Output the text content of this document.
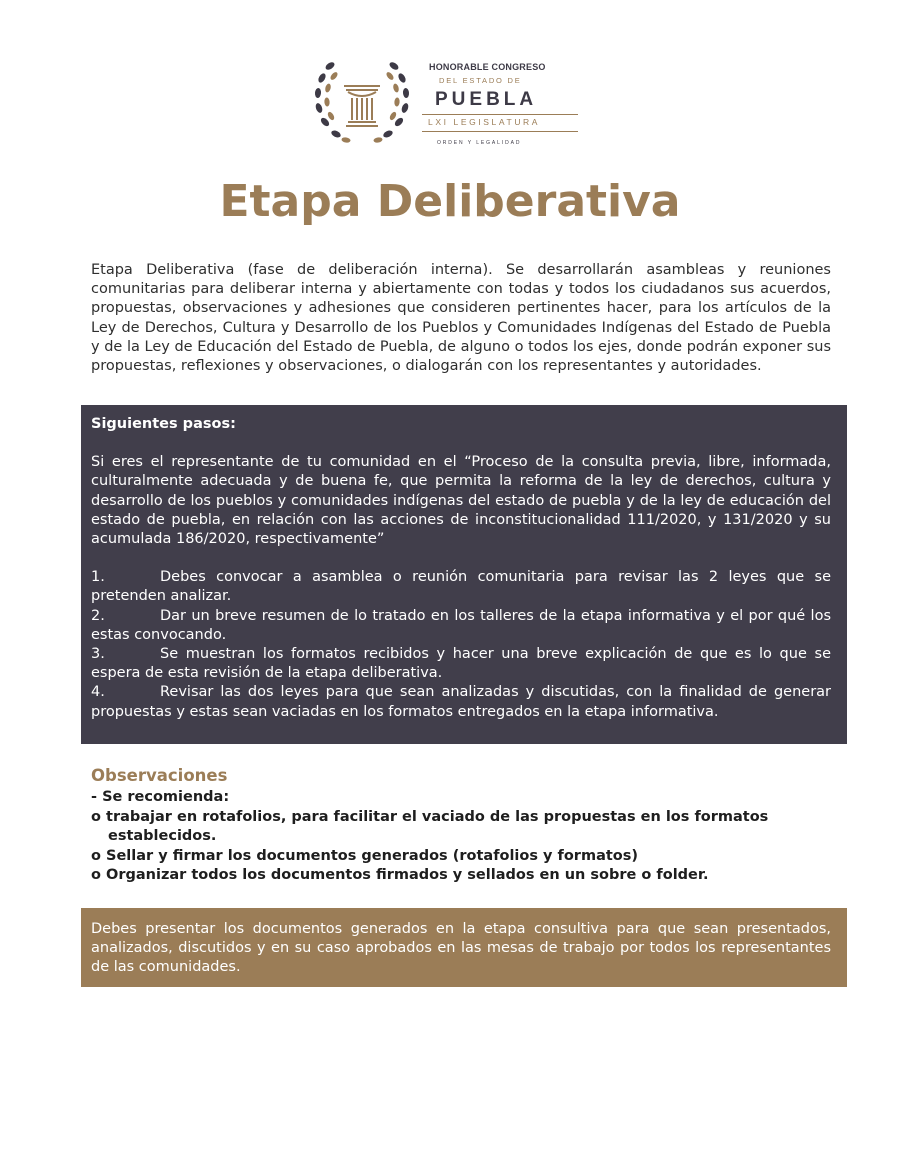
HONORABLE CONGRESO
DEL ESTADO DE
PUEBLA
LXI LEGISLATURA
ORDEN Y LEGALIDAD
Etapa Deliberativa

Etapa Deliberativa (fase de deliberación interna). Se desarrollarán asambleas y reuniones comunitarias para deliberar interna y abiertamente con todas y todos los ciudadanos sus acuerdos, propuestas, observaciones y adhesiones que consideren pertinentes hacer, para los artículos de la Ley de Derechos, Cultura y Desarrollo de los Pueblos y Comunidades Indígenas del Estado de Puebla y de la Ley de Educación del Estado de Puebla, de alguno o todos los ejes, donde podrán exponer sus propuestas, reflexiones y observaciones, o dialogarán con los representantes y autoridades.

Siguientes pasos:

Si eres el representante de tu comunidad en el “Proceso de la consulta previa, libre, informada, culturalmente adecuada y de buena fe, que permita la reforma de la ley de derechos, cultura y desarrollo de los pueblos y comunidades indígenas del estado de puebla y de la ley de educación del estado de puebla, en relación con las acciones de inconstitucionalidad 111/2020, y 131/2020 y su acumulada 186/2020, respectivamente”

1.	Debes convocar a asamblea o reunión comunitaria para revisar las 2 leyes que se pretenden analizar.

2.	Dar un breve resumen de lo tratado en los talleres de la etapa informativa y el por qué los estas convocando.

3.	Se muestran los formatos recibidos y hacer una breve explicación de que es lo que se espera de esta revisión de la etapa deliberativa.

4.	Revisar las dos leyes para que sean analizadas y discutidas, con la finalidad de generar propuestas y estas sean vaciadas en los formatos entregados en la etapa informativa.

Observaciones
- Se recomienda:
o trabajar en rotafolios, para facilitar el vaciado de las propuestas en los formatos
establecidos.
o Sellar y firmar los documentos generados (rotafolios y formatos)
o Organizar todos los documentos firmados y sellados en un sobre o folder.
Debes presentar los documentos generados en la etapa consultiva para que sean presentados, analizados, discutidos y en su caso aprobados en las mesas de trabajo por todos los representantes de las comunidades.
